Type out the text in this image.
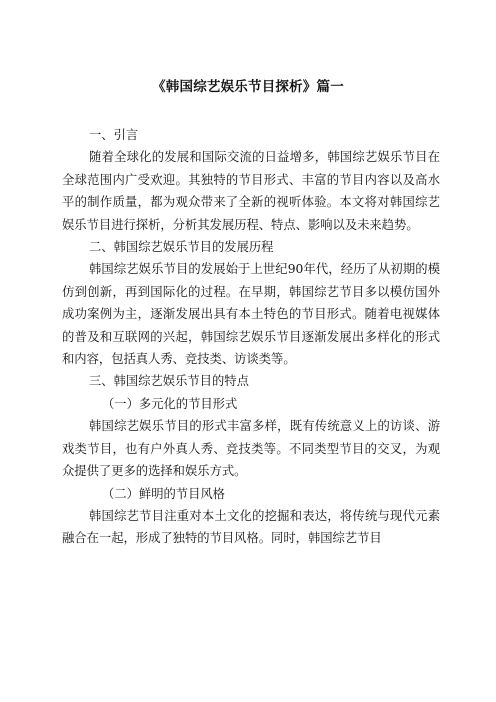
《韩国综艺娱乐节目探析》篇一

一、引言

随着全球化的发展和国际交流的日益增多，韩国综艺娱乐节目在全球范围内广受欢迎。其独特的节目形式、丰富的节目内容以及高水平的制作质量，都为观众带来了全新的视听体验。本文将对韩国综艺娱乐节目进行探析，分析其发展历程、特点、影响以及未来趋势。

二、韩国综艺娱乐节目的发展历程

韩国综艺娱乐节目的发展始于上世纪90年代，经历了从初期的模仿到创新，再到国际化的过程。在早期，韩国综艺节目多以模仿国外成功案例为主，逐渐发展出具有本土特色的节目形式。随着电视媒体的普及和互联网的兴起，韩国综艺娱乐节目逐渐发展出多样化的形式和内容，包括真人秀、竞技类、访谈类等。

三、韩国综艺娱乐节目的特点

（一）多元化的节目形式

韩国综艺娱乐节目的形式丰富多样，既有传统意义上的访谈、游戏类节目，也有户外真人秀、竞技类等。不同类型节目的交叉，为观众提供了更多的选择和娱乐方式。

（二）鲜明的节目风格

韩国综艺节目注重对本土文化的挖掘和表达，将传统与现代元素融合在一起，形成了独特的节目风格。同时，韩国综艺节目
